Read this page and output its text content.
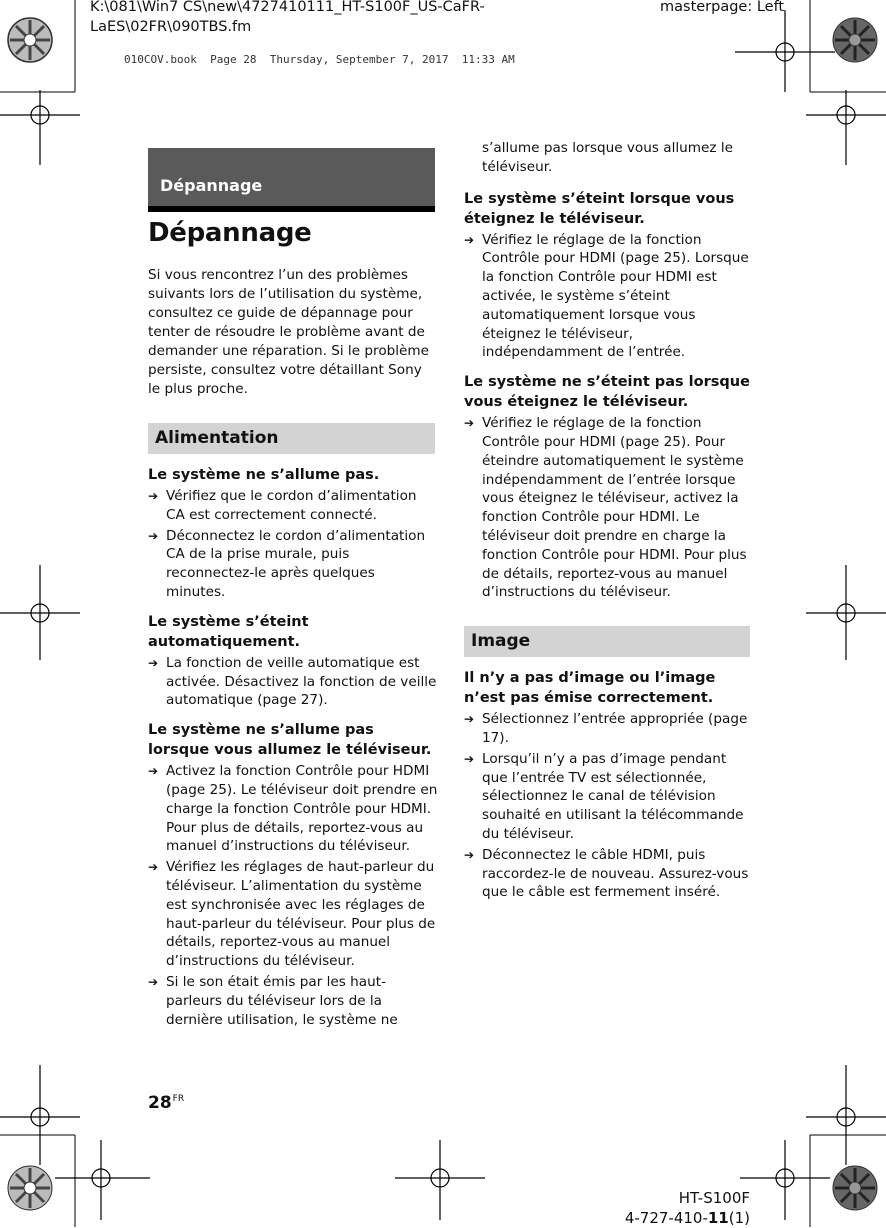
K:\081\Win7 CS\new\4727410111_HT-S100F_US-CaFR-LaES\02FR\090TBS.fm
masterpage: Left
010COV.book  Page 28  Thursday, September 7, 2017  11:33 AM
Dépannage
Dépannage
Si vous rencontrez l’un des problèmes suivants lors de l’utilisation du système, consultez ce guide de dépannage pour tenter de résoudre le problème avant de demander une réparation. Si le problème persiste, consultez votre détaillant Sony le plus proche.
Alimentation
Le système ne s’allume pas.
➔ Vérifiez que le cordon d’alimentation CA est correctement connecté.
➔ Déconnectez le cordon d’alimentation CA de la prise murale, puis reconnectez-le après quelques minutes.
Le système s’éteint automatiquement.
➔ La fonction de veille automatique est activée. Désactivez la fonction de veille automatique (page 27).
Le système ne s’allume pas lorsque vous allumez le téléviseur.
➔ Activez la fonction Contrôle pour HDMI (page 25). Le téléviseur doit prendre en charge la fonction Contrôle pour HDMI. Pour plus de détails, reportez-vous au manuel d’instructions du téléviseur.
➔ Vérifiez les réglages de haut-parleur du téléviseur. L’alimentation du système est synchronisée avec les réglages de haut-parleur du téléviseur. Pour plus de détails, reportez-vous au manuel d’instructions du téléviseur.
➔ Si le son était émis par les haut-parleurs du téléviseur lors de la dernière utilisation, le système ne
s’allume pas lorsque vous allumez le téléviseur.
Le système s’éteint lorsque vous éteignez le téléviseur.
➔ Vérifiez le réglage de la fonction Contrôle pour HDMI (page 25). Lorsque la fonction Contrôle pour HDMI est activée, le système s’éteint automatiquement lorsque vous éteignez le téléviseur, indépendamment de l’entrée.
Le système ne s’éteint pas lorsque vous éteignez le téléviseur.
➔ Vérifiez le réglage de la fonction Contrôle pour HDMI (page 25). Pour éteindre automatiquement le système indépendamment de l’entrée lorsque vous éteignez le téléviseur, activez la fonction Contrôle pour HDMI. Le téléviseur doit prendre en charge la fonction Contrôle pour HDMI. Pour plus de détails, reportez-vous au manuel d’instructions du téléviseur.
Image
Il n’y a pas d’image ou l’image n’est pas émise correctement.
➔ Sélectionnez l’entrée appropriée (page 17).
➔ Lorsqu’il n’y a pas d’image pendant que l’entrée TV est sélectionnée, sélectionnez le canal de télévision souhaité en utilisant la télécommande du téléviseur.
➔ Déconnectez le câble HDMI, puis raccordez-le de nouveau. Assurez-vous que le câble est fermement inséré.
$28^{FR}$
HT-S100F
4-727-410-11(1)
